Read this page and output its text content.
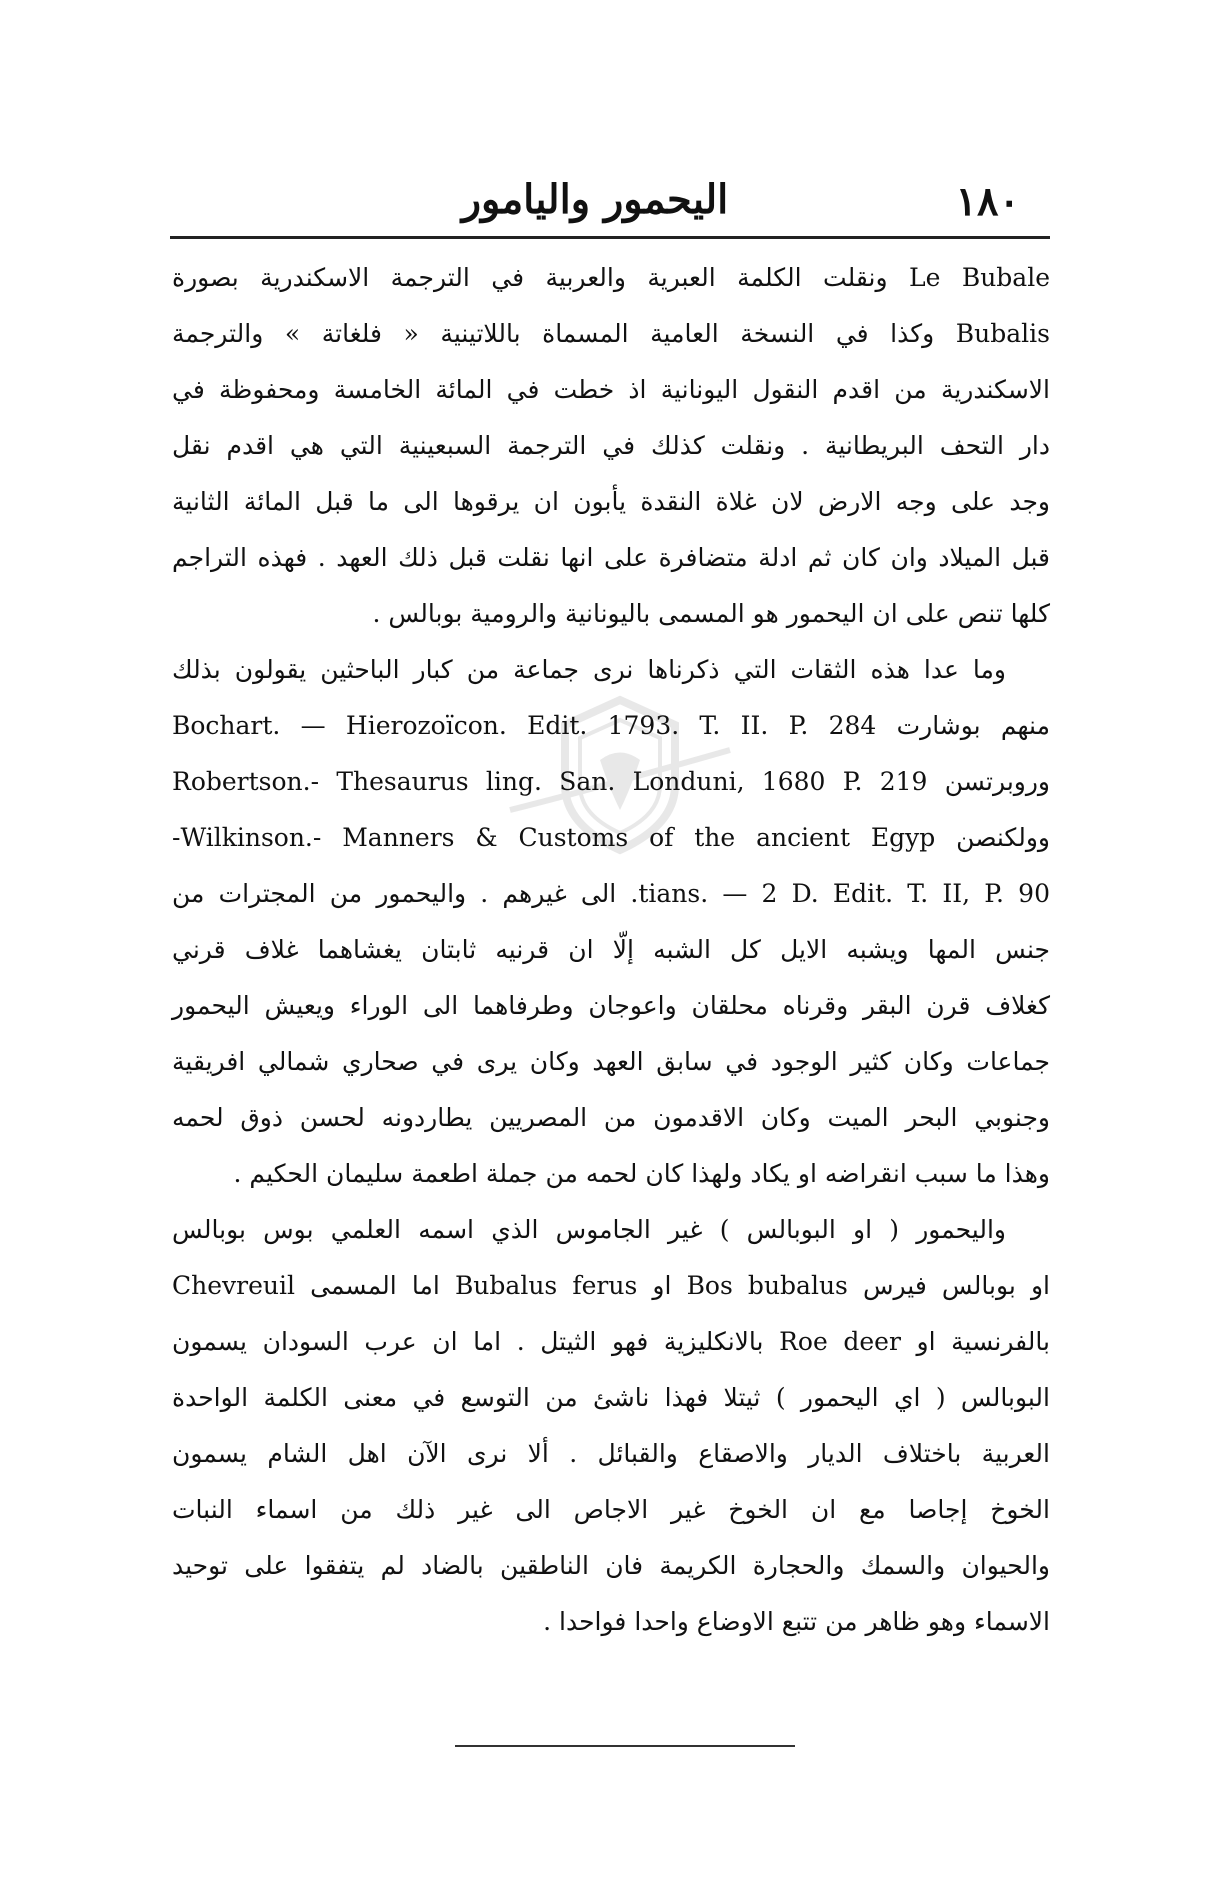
اليحمور واليامور	١٨٠
Le Bubale ونقلت الكلمة العبرية والعربية في الترجمة الاسكندرية بصورة
Bubalis وكذا في النسخة العامية المسماة باللاتينية « فلغاتة » والترجمة
الاسكندرية من اقدم النقول اليونانية اذ خطت في المائة الخامسة ومحفوظة في
دار التحف البريطانية . ونقلت كذلك في الترجمة السبعينية التي هي اقدم نقل
وجد على وجه الارض لان غلاة النقدة يأبون ان يرقوها الى ما قبل المائة الثانية
قبل الميلاد وان كان ثم ادلة متضافرة على انها نقلت قبل ذلك العهد . فهذه التراجم
كلها تنص على ان اليحمور هو المسمى باليونانية والرومية بوبالس .
وما عدا هذه الثقات التي ذكرناها نرى جماعة من كبار الباحثين يقولون بذلك
منهم بوشارت Bochart. — Hierozoïcon. Edit. 1793. T. II. P. 284
وروبرتسن Robertson.- Thesaurus ling. San. Londuni, 1680 P. 219
وولكنصن Wilkinson.- Manners & Customs of the ancient Egyp-
tians. — 2 D. Edit. T. II, P. 90. الى غيرهم . واليحمور من المجترات من
جنس المها ويشبه الايل كل الشبه إلّا ان قرنيه ثابتان يغشاهما غلاف قرني
كغلاف قرن البقر وقرناه محلقان واعوجان وطرفاهما الى الوراء ويعيش اليحمور
جماعات وكان كثير الوجود في سابق العهد وكان يرى في صحاري شمالي افريقية
وجنوبي البحر الميت وكان الاقدمون من المصريين يطاردونه لحسن ذوق لحمه
وهذا ما سبب انقراضه او يكاد ولهذا كان لحمه من جملة اطعمة سليمان الحكيم .
واليحمور ( او البوبالس ) غير الجاموس الذي اسمه العلمي بوس بوبالس
او بوبالس فيرس Bos bubalus او Bubalus ferus اما المسمى Chevreuil
بالفرنسية او Roe deer بالانكليزية فهو الثيتل . اما ان عرب السودان يسمون
البوبالس ( اي اليحمور ) ثيتلا فهذا ناشئ من التوسع في معنى الكلمة الواحدة
العربية باختلاف الديار والاصقاع والقبائل . ألا نرى الآن اهل الشام يسمون
الخوخ إجاصا مع ان الخوخ غير الاجاص الى غير ذلك من اسماء النبات
والحيوان والسمك والحجارة الكريمة فان الناطقين بالضاد لم يتفقوا على توحيد
الاسماء وهو ظاهر من تتبع الاوضاع واحدا فواحدا .
